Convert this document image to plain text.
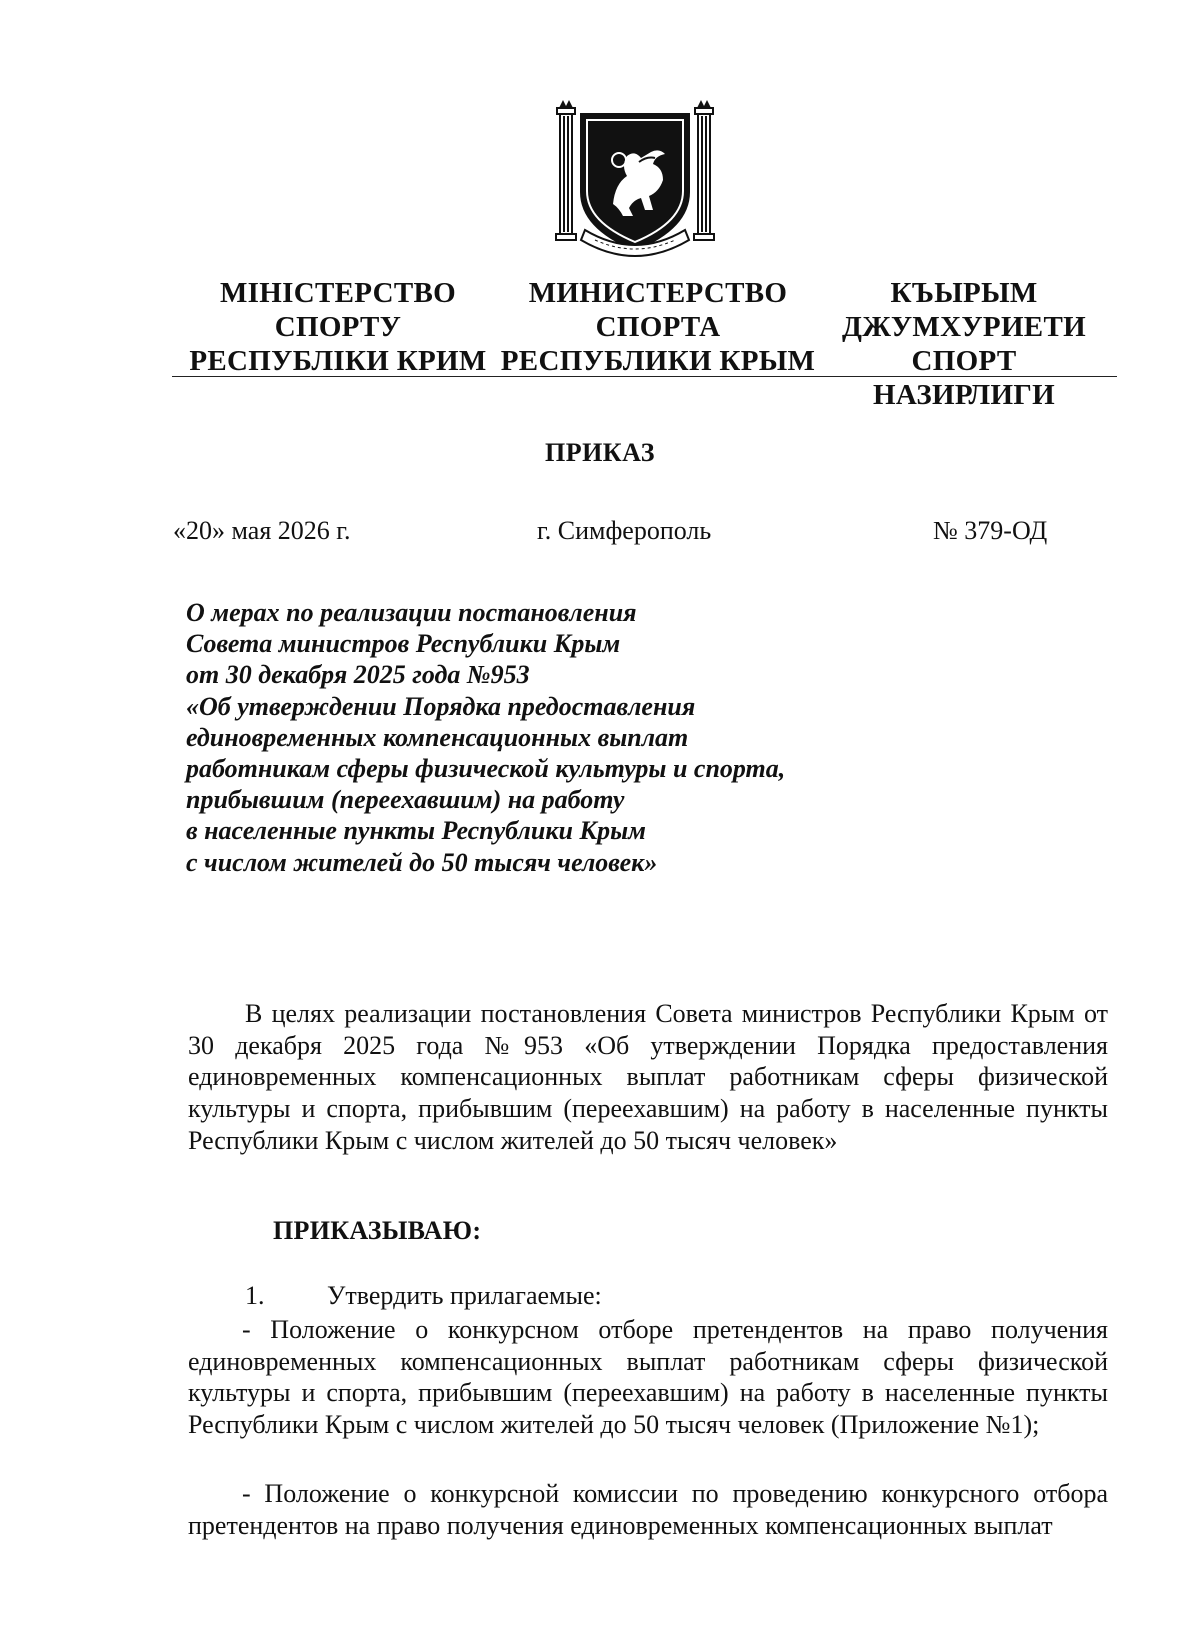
МІНІСТЕРСТВО
СПОРТУ
РЕСПУБЛІКИ КРИМ
МИНИСТЕРСТВО
СПОРТА
РЕСПУБЛИКИ КРЫМ
КЪЫРЫМ
ДЖУМХУРИЕТИ
СПОРТ НАЗИРЛИГИ
ПРИКАЗ
«20» мая 2026 г.	г. Симферополь	№ 379-ОД
О мерах по реализации постановления
Совета министров Республики Крым
от 30 декабря 2025 года №953
«Об утверждении Порядка предоставления
единовременных компенсационных выплат
работникам сферы физической культуры и спорта,
прибывшим (переехавшим) на работу
в населенные пункты Республики Крым
с числом жителей до 50 тысяч человек»
В целях реализации постановления Совета министров Республики Крым от 30 декабря 2025 года №953 «Об утверждении Порядка предоставления единовременных компенсационных выплат работникам сферы физической культуры и спорта, прибывшим (переехавшим) на работу в населенные пункты Республики Крым с числом жителей до 50 тысяч человек»
ПРИКАЗЫВАЮ:
1. Утвердить прилагаемые:
- Положение о конкурсном отборе претендентов на право получения единовременных компенсационных выплат работникам сферы физической культуры и спорта, прибывшим (переехавшим) на работу в населенные пункты Республики Крым с числом жителей до 50 тысяч человек (Приложение №1);
- Положение о конкурсной комиссии по проведению конкурсного отбора претендентов на право получения единовременных компенсационных выплат
